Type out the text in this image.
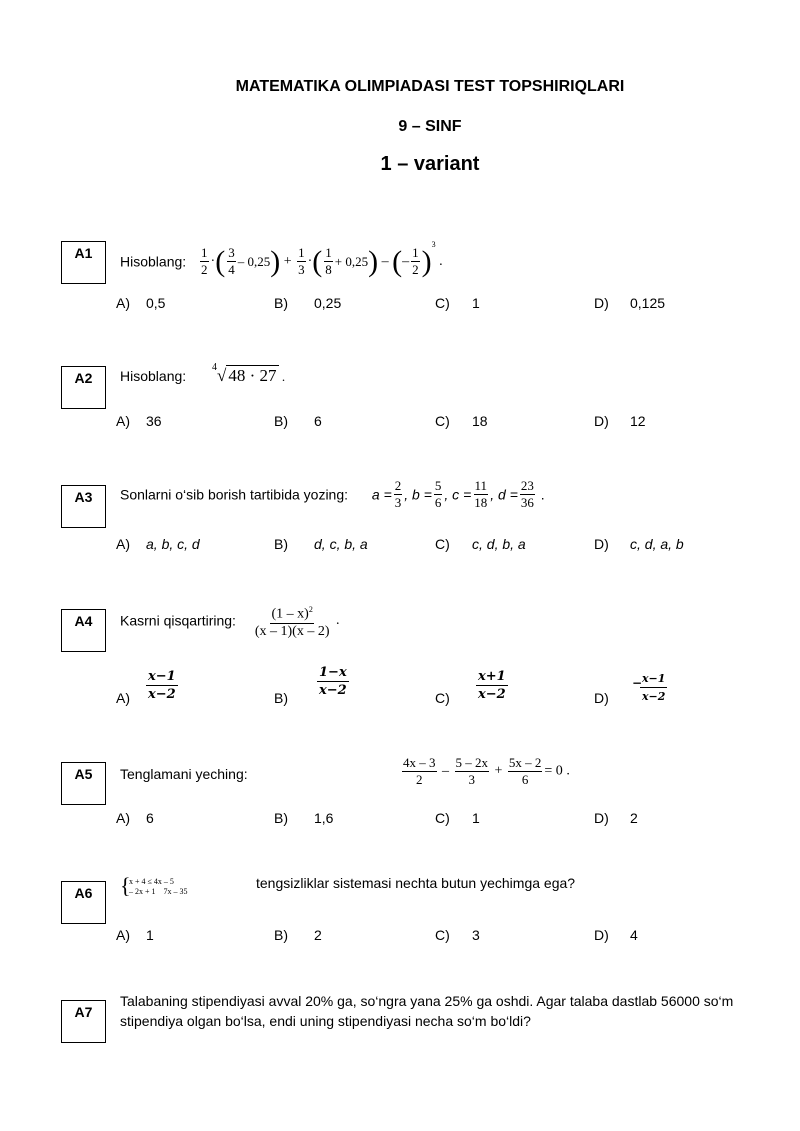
MATEMATIKA OLIMPIADASI TEST TOPSHIRIQLARI
9 – SINF
1 – variant
A1
Hisoblang: $\frac{1}{2}$ ·( $\frac{3}{4} - 0,25) + \frac{1}{3}$ ·( $\frac{1}{8} + 0,25$) – (– $\frac{1}{2} )^3$ .
A) 0,5	B) 0,25	C) 1	D) 0,125
A2	Hisoblang:
4 √ 48 · 27 .
A) 36	B) 6	C) 18	D) 12
A3	Sonlarni o‘sib borish tartibida yozing: $a = \frac{2}{3}$ , $b = \frac{5}{6}$ , $c = \frac{11}{18}$ , $d = \frac{23}{36}$ .
A) a, b, c, d	B) d, c, b, a	C) c, d, b, a	D) c, d, a, b
A4	Kasrni qisqartiring: $\frac{(1 - x)^2}{(x - 1)(x - 2)}$ .
A)
x−1
x−2	B)
1−x
x−2	C)
x+1
x−2	D)
− x−1
x−2
A5	Tenglamani yeching:	$\frac{4x - 3}{2} - \frac{5 - 2x}{3} + \frac{5x - 2}{6} = 0$ .
A) 6	B) 1,6	C) 1	D) 2
A6	{
x + 4 ≤ 4x – 5
– 2x + 1    7x – 35
tengsizliklar sistemasi nechta butun yechimga ega?
A) 1	B) 2	C) 3	D) 4
A7
Talabaning stipendiyasi avval 20% ga, so‘ngra yana 25% ga oshdi. Agar talaba dastlab 56000 so‘m stipendiya olgan bo‘lsa, endi uning stipendiyasi necha so‘m bo‘ldi?
